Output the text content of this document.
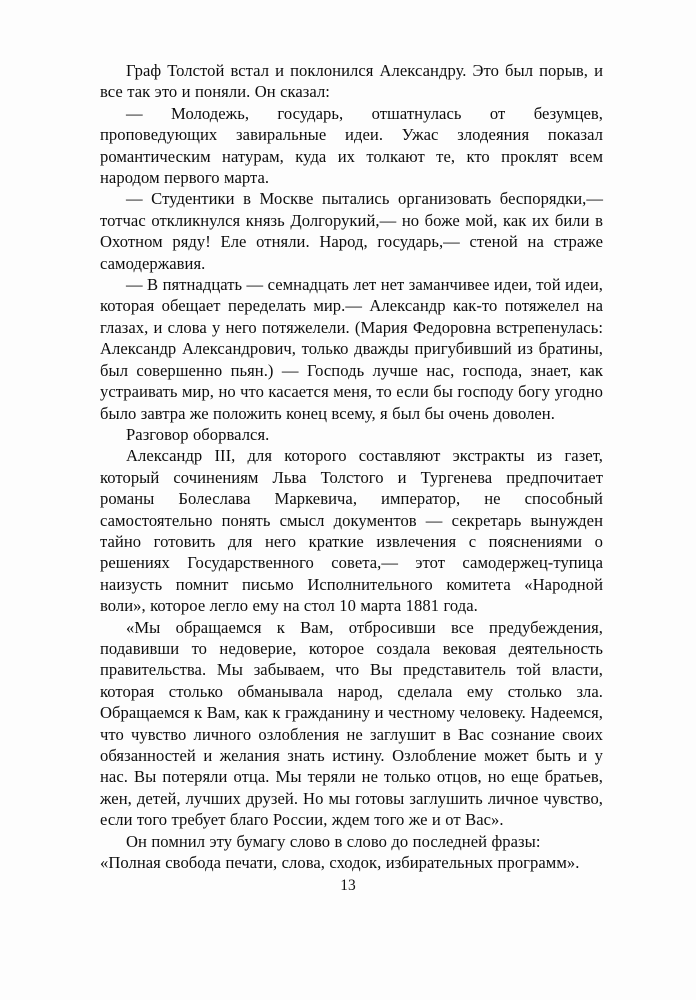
Граф Толстой встал и поклонился Александру. Это был порыв, и все так это и поняли. Он сказал:

— Молодежь, государь, отшатнулась от безумцев, проповедующих завиральные идеи. Ужас злодеяния показал романтическим натурам, куда их толкают те, кто проклят всем народом первого марта.

— Студентики в Москве пытались организовать беспорядки,— тотчас откликнулся князь Долгорукий,— но боже мой, как их били в Охотном ряду! Еле отняли. Народ, государь,— стеной на страже самодержавия.

— В пятнадцать — семнадцать лет нет заманчивее идеи, той идеи, которая обещает переделать мир.— Александр как-то потяжелел на глазах, и слова у него потяжелели. (Мария Федоровна встрепенулась: Александр Александрович, только дважды пригубивший из братины, был совершенно пьян.) — Господь лучше нас, господа, знает, как устраивать мир, но что касается меня, то если бы господу богу угодно было завтра же положить конец всему, я был бы очень доволен.

Разговор оборвался.

Александр III, для которого составляют экстракты из газет, который сочинениям Льва Толстого и Тургенева предпочитает романы Болеслава Маркевича, император, не способный самостоятельно понять смысл документов — секретарь вынужден тайно готовить для него краткие извлечения с пояснениями о решениях Государственного совета,— этот самодержец-тупица наизусть помнит письмо Исполнительного комитета «Народной воли», которое легло ему на стол 10 марта 1881 года.

«Мы обращаемся к Вам, отбросивши все предубеждения, подавивши то недоверие, которое создала вековая деятельность правительства. Мы забываем, что Вы представитель той власти, которая столько обманывала народ, сделала ему столько зла. Обращаемся к Вам, как к гражданину и честному человеку. Надеемся, что чувство личного озлобления не заглушит в Вас сознание своих обязанностей и желания знать истину. Озлобление может быть и у нас. Вы потеряли отца. Мы теряли не только отцов, но еще братьев, жен, детей, лучших друзей. Но мы готовы заглушить личное чувство, если того требует благо России, ждем того же и от Вас».

Он помнил эту бумагу слово в слово до последней фразы: «Полная свобода печати, слова, сходок, избирательных программ».

13
